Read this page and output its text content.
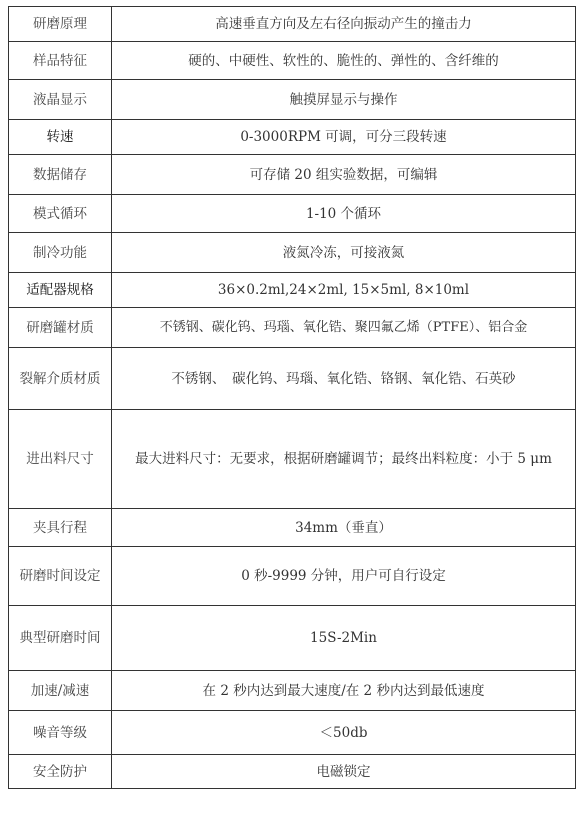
研磨原理	高速垂直方向及左右径向振动产生的撞击力
样品特征	硬的、中硬性、软性的、脆性的、弹性的、含纤维的
液晶显示	触摸屏显示与操作
转速	0-3000RPM 可调，可分三段转速
数据储存	可存储 20 组实验数据，可编辑
模式循环	1-10 个循环
制冷功能	液氮冷冻，可接液氮
适配器规格	36×0.2ml,24×2ml, 15×5ml, 8×10ml
研磨罐材质	不锈钢、碳化钨、玛瑙、氧化锆、聚四氟乙烯（PTFE）、铝合金
裂解介质材质	不锈钢、　碳化钨、玛瑙、氧化锆、铬钢、氧化锆、石英砂
进出料尺寸	最大进料尺寸：无要求，根据研磨罐调节；最终出料粒度：小于 5 μm
夹具行程	34mm（垂直）
研磨时间设定	0 秒-9999 分钟，用户可自行设定
典型研磨时间	15S-2Min
加速/减速	在 2 秒内达到最大速度/在 2 秒内达到最低速度
噪音等级	＜50db
安全防护	电磁锁定
